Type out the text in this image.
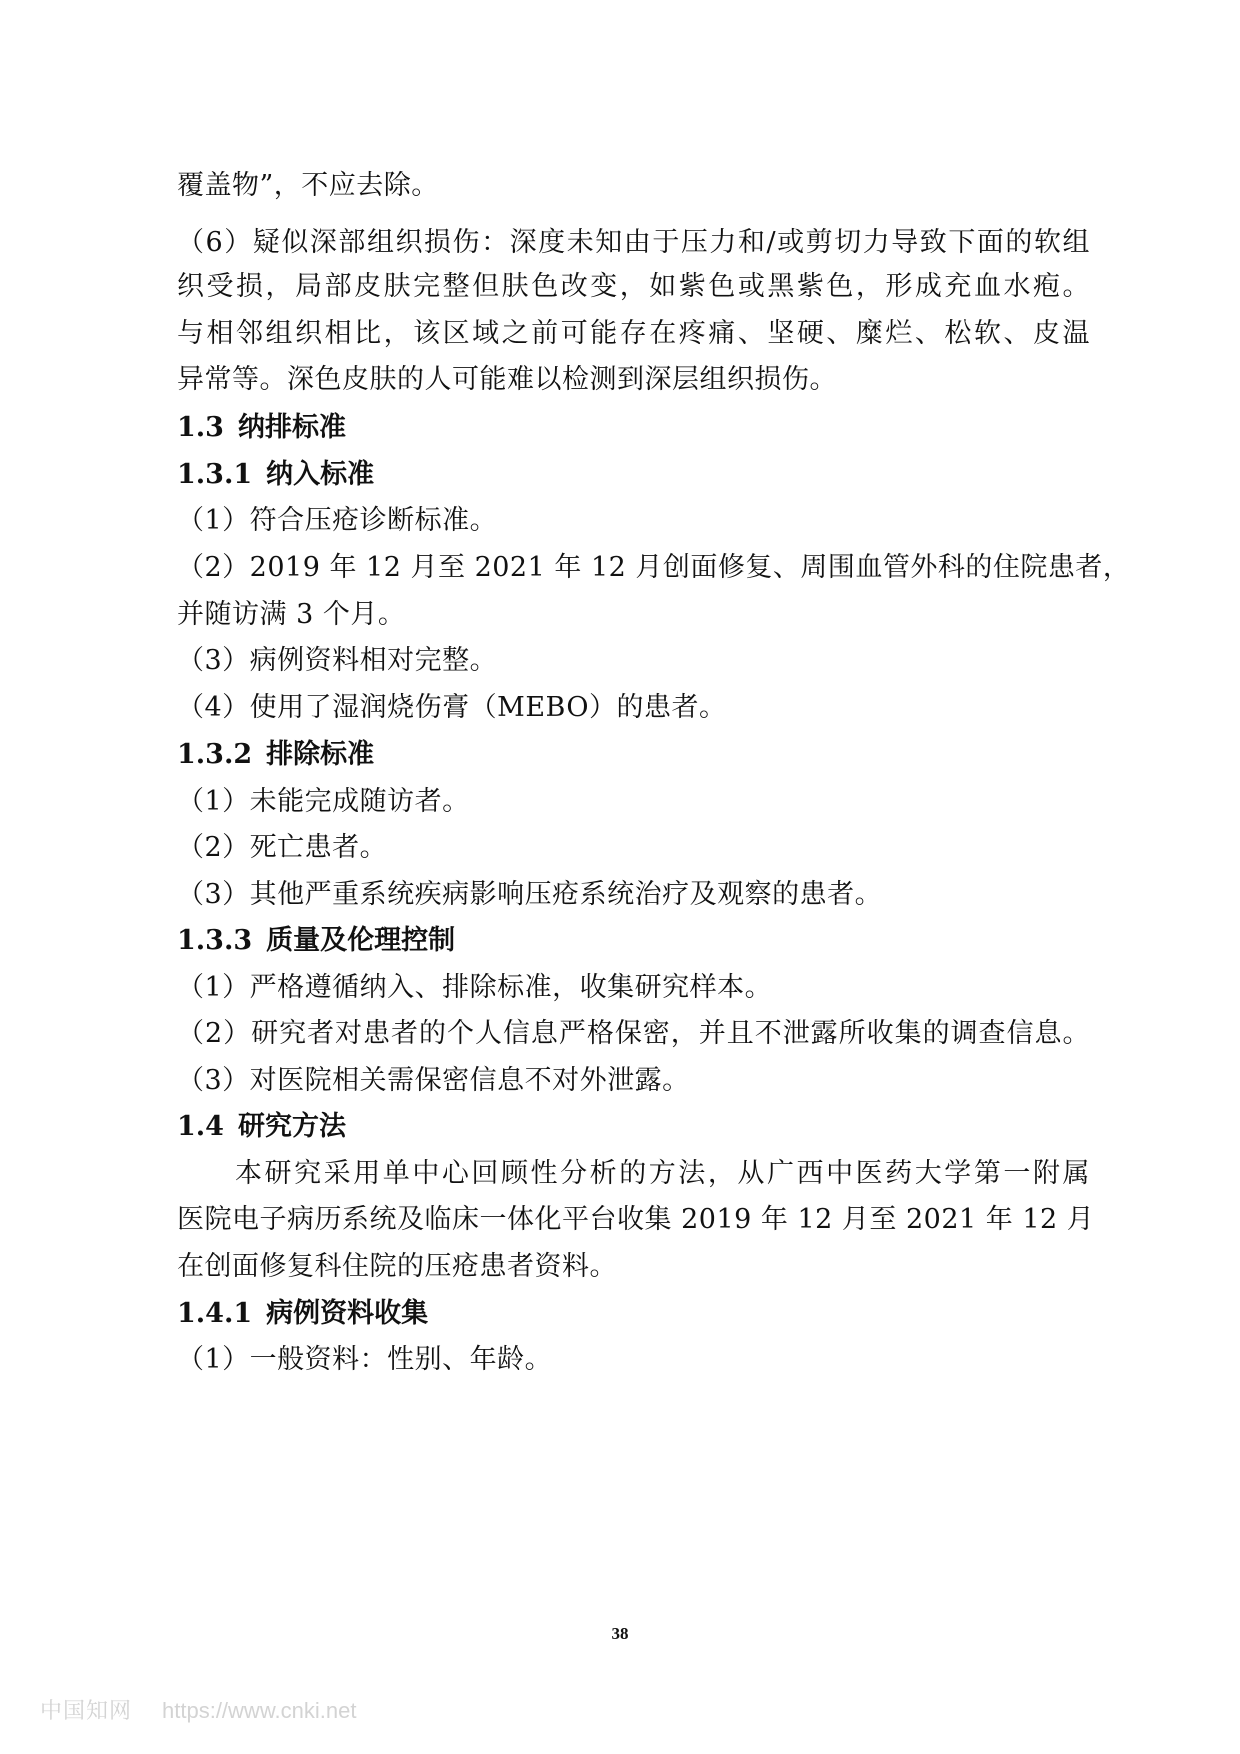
覆盖物”，不应去除。
（6）疑似深部组织损伤：深度未知由于压力和/或剪切力导致下面的软组
织受损，局部皮肤完整但肤色改变，如紫色或黑紫色，形成充血水疱。
与相邻组织相比，该区域之前可能存在疼痛、坚硬、糜烂、松软、皮温
异常等。深色皮肤的人可能难以检测到深层组织损伤。
1.3 纳排标准
1.3.1 纳入标准
（1）符合压疮诊断标准。
（2）2019 年 12 月至 2021 年 12 月创面修复、周围血管外科的住院患者，
并随访满 3 个月。
（3）病例资料相对完整。
（4）使用了湿润烧伤膏（MEBO）的患者。
1.3.2 排除标准
（1）未能完成随访者。
（2）死亡患者。
（3）其他严重系统疾病影响压疮系统治疗及观察的患者。
1.3.3 质量及伦理控制
（1）严格遵循纳入、排除标准，收集研究样本。
（2）研究者对患者的个人信息严格保密，并且不泄露所收集的调查信息。
（3）对医院相关需保密信息不对外泄露。
1.4 研究方法
本研究采用单中心回顾性分析的方法，从广西中医药大学第一附属
医院电子病历系统及临床一体化平台收集 2019 年 12 月至 2021 年 12 月
在创面修复科住院的压疮患者资料。
1.4.1 病例资料收集
（1）一般资料：性别、年龄。
38
中国知网 https://www.cnki.net
